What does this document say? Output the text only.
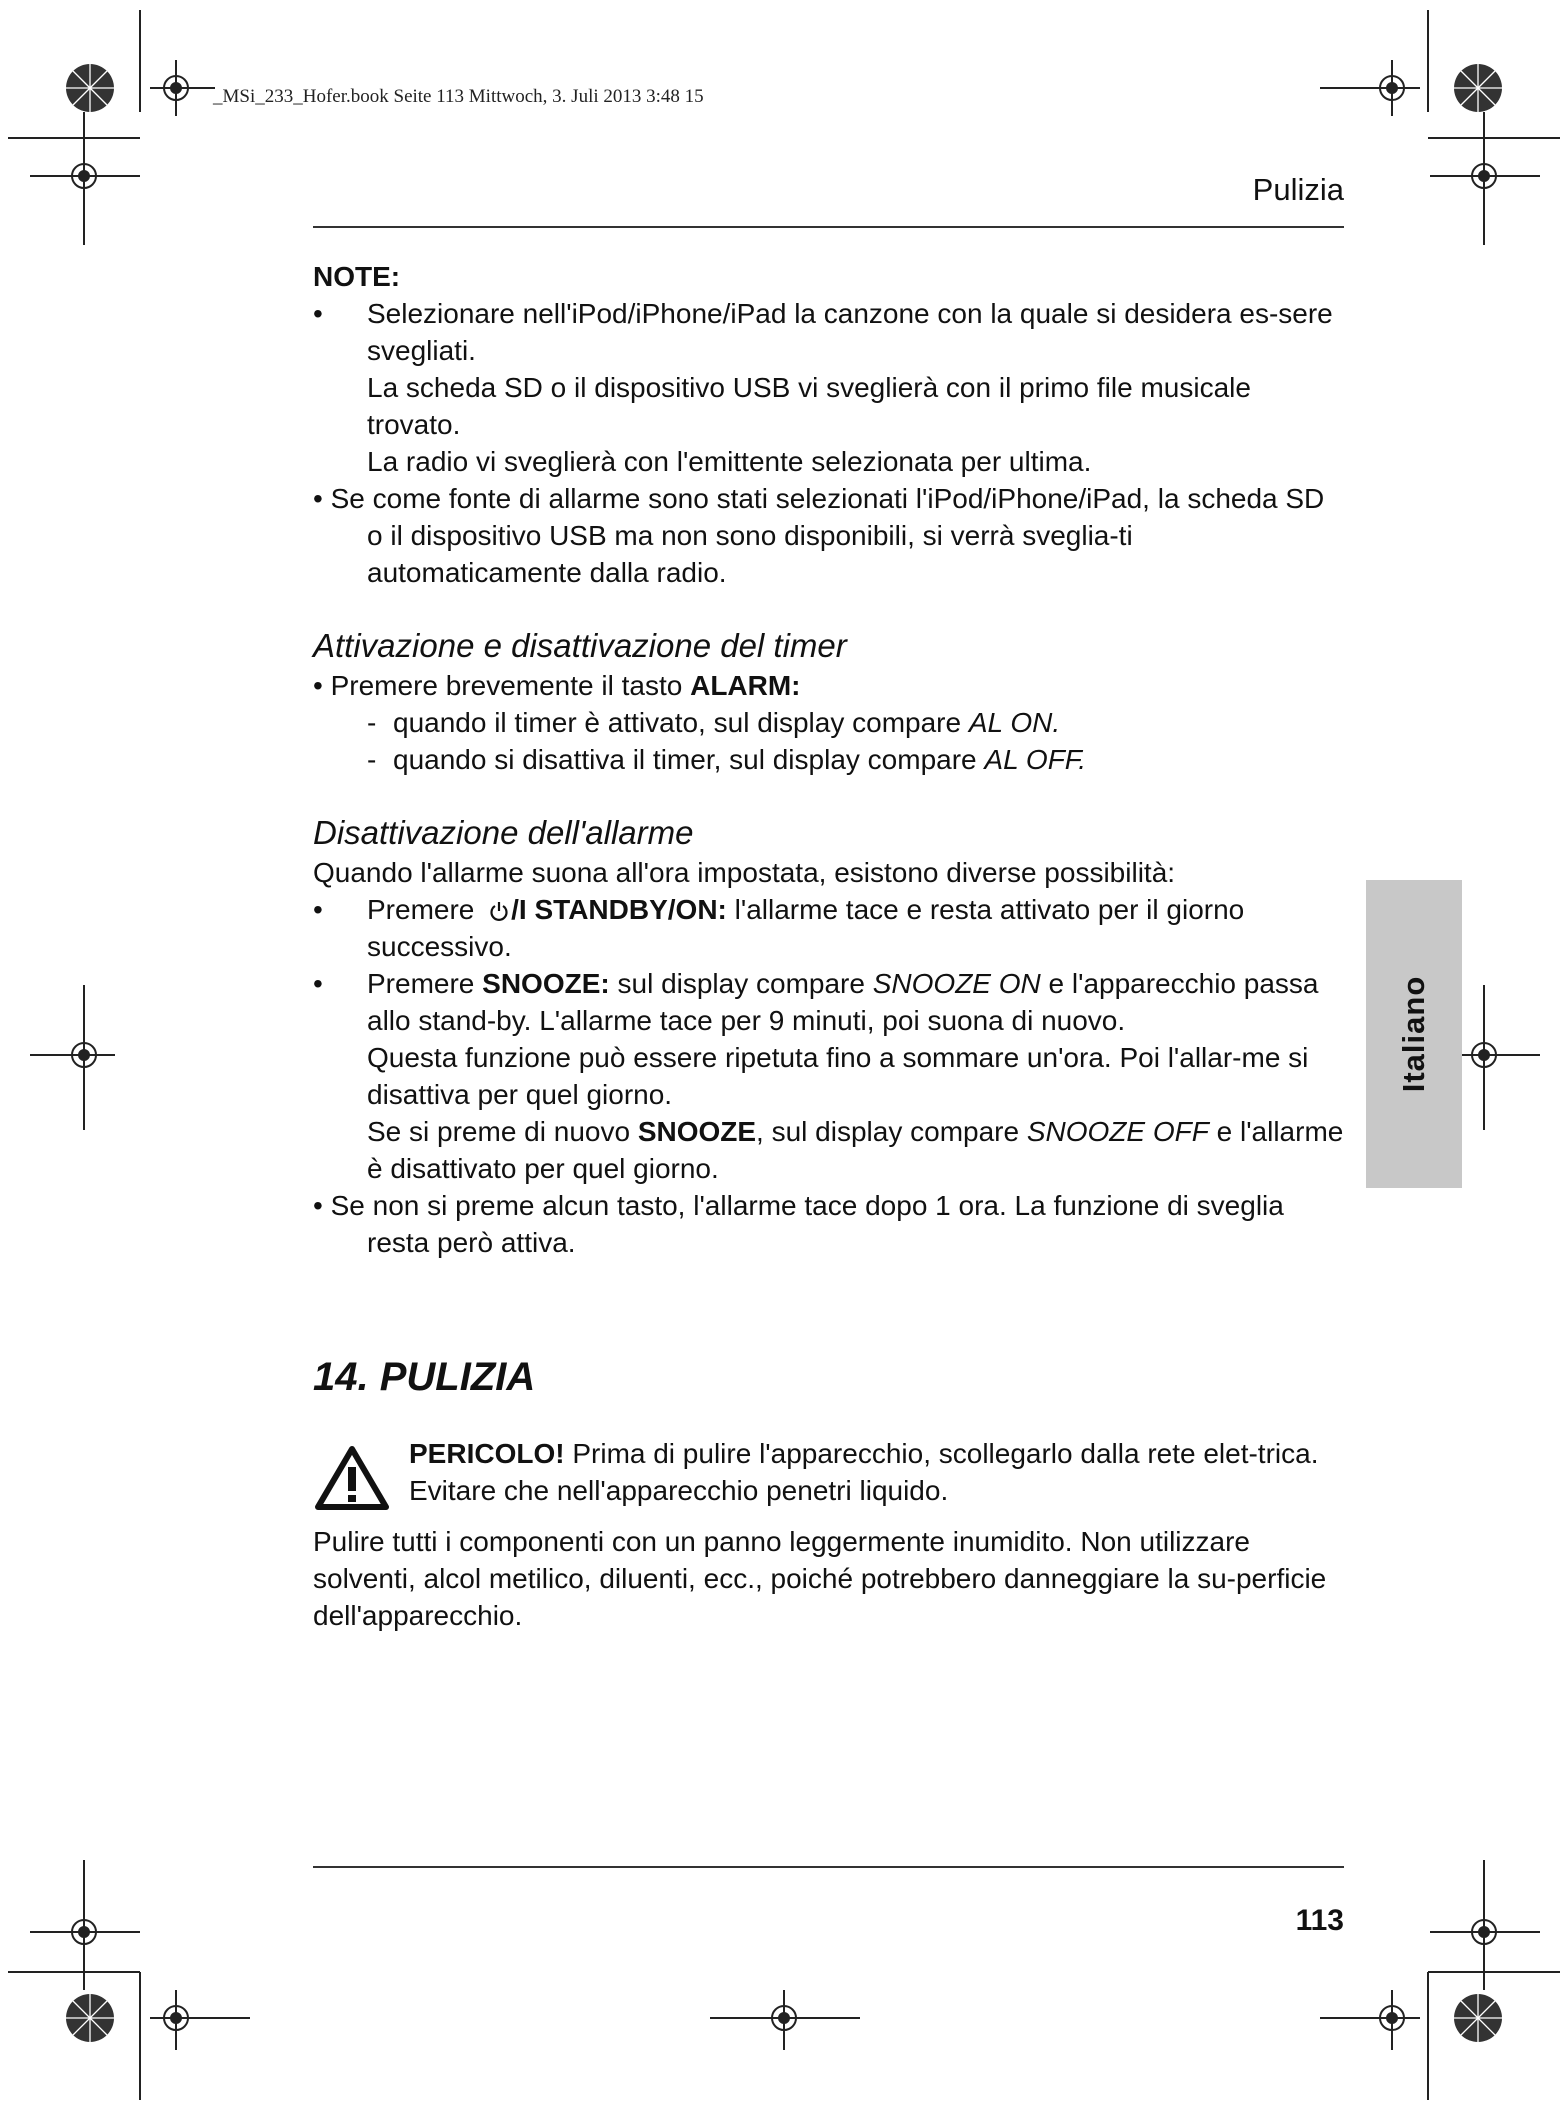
_MSi_233_Hofer.book Seite 113 Mittwoch, 3. Juli 2013 3:48 15
Pulizia

NOTE:

• Selezionare nell'iPod/iPhone/iPad la canzone con la quale si desidera es-sere svegliati.

La scheda SD o il dispositivo USB vi sveglierà con il primo file musicale trovato.

La radio vi sveglierà con l'emittente selezionata per ultima.

• Se come fonte di allarme sono stati selezionati l'iPod/iPhone/iPad, la scheda SD o il dispositivo USB ma non sono disponibili, si verrà sveglia-ti automaticamente dalla radio.

Attivazione e disattivazione del timer

• Premere brevemente il tasto ALARM:

- quando il timer è attivato, sul display compare AL ON.
- quando si disattiva il timer, sul display compare AL OFF.
Disattivazione dell'allarme

Quando l'allarme suona all'ora impostata, esistono diverse possibilità:

• Premere /I STANDBY/ON: l'allarme tace e resta attivato per il giorno successivo.

• Premere SNOOZE: sul display compare SNOOZE ON e l'apparecchio passa allo stand-by. L'allarme tace per 9 minuti, poi suona di nuovo.

Questa funzione può essere ripetuta fino a sommare un'ora. Poi l'allar-me si disattiva per quel giorno.

Se si preme di nuovo SNOOZE, sul display compare SNOOZE OFF e l'allarme è disattivato per quel giorno.

• Se non si preme alcun tasto, l'allarme tace dopo 1 ora. La funzione di sveglia resta però attiva.

14. PULIZIA

PERICOLO! Prima di pulire l'apparecchio, scollegarlo dalla rete elet-trica. Evitare che nell'apparecchio penetri liquido.

Pulire tutti i componenti con un panno leggermente inumidito. Non utilizzare solventi, alcol metilico, diluenti, ecc., poiché potrebbero danneggiare la su-perficie dell'apparecchio.

Italiano
113
